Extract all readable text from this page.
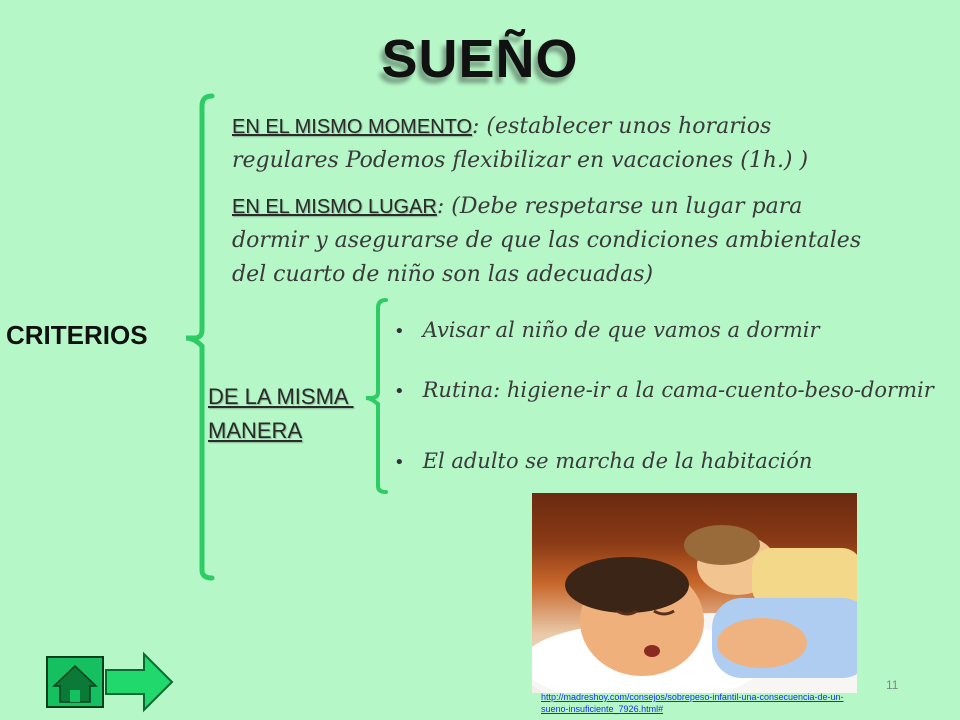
SUEÑO
CRITERIOS
EN EL MISMO MOMENTO: (establecer unos horarios
regulares Podemos flexibilizar en vacaciones (1h.) )
EN EL MISMO LUGAR: (Debe respetarse un lugar para
dormir y asegurarse de que las condiciones ambientales
del cuarto de niño son las adecuadas)
DE LA MISMA
MANERA
• Avisar al niño de que vamos a dormir
• Rutina: higiene-ir a la cama-cuento-beso-dormir
• El adulto se marcha de la habitación
http://madreshoy.com/consejos/sobrepeso-infantil-una-consecuencia-de-un-sueno-insuficiente_7926.html#
11
